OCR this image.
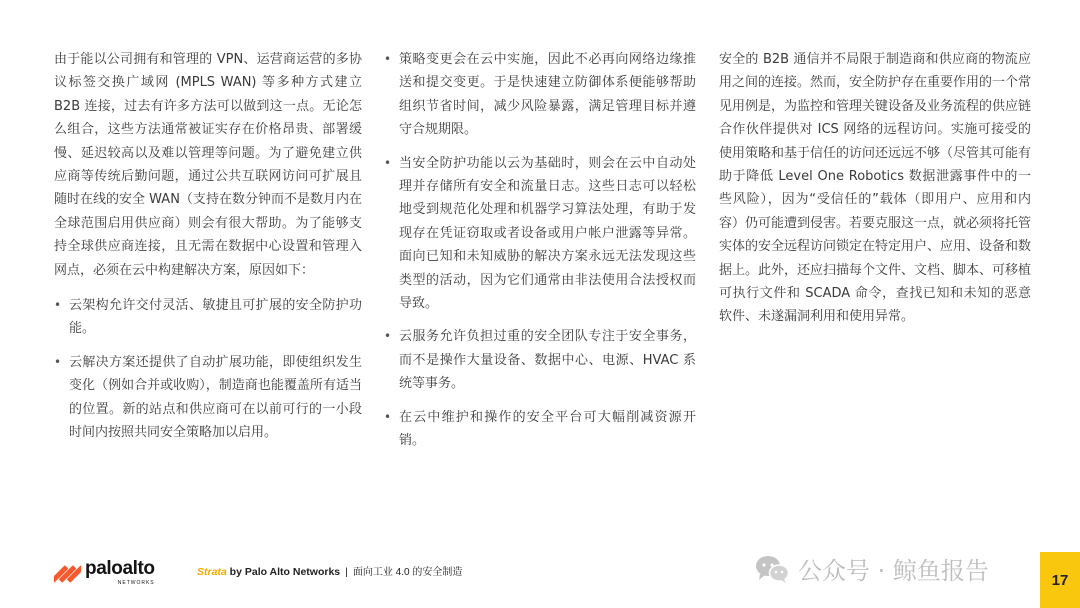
由于能以公司拥有和管理的 VPN、运营商运营的多协议标签交换广域网 (MPLS WAN) 等多种方式建立 B2B 连接，过去有许多方法可以做到这一点。无论怎么组合，这些方法通常被证实存在价格昂贵、部署缓慢、延迟较高以及难以管理等问题。为了避免建立供应商等传统后勤问题，通过公共互联网访问可扩展且随时在线的安全 WAN（支持在数分钟而不是数月内在全球范围启用供应商）则会有很大帮助。为了能够支持全球供应商连接，且无需在数据中心设置和管理入网点，必须在云中构建解决方案，原因如下：

• 云架构允许交付灵活、敏捷且可扩展的安全防护功能。
• 云解决方案还提供了自动扩展功能，即使组织发生变化（例如合并或收购），制造商也能覆盖所有适当的位置。新的站点和供应商可在以前可行的一小段时间内按照共同安全策略加以启用。
• 策略变更会在云中实施，因此不必再向网络边缘推送和提交变更。于是快速建立防御体系便能够帮助组织节省时间，减少风险暴露，满足管理目标并遵守合规期限。
• 当安全防护功能以云为基础时，则会在云中自动处理并存储所有安全和流量日志。这些日志可以轻松地受到规范化处理和机器学习算法处理，有助于发现存在凭证窃取或者设备或用户帐户泄露等异常。面向已知和未知威胁的解决方案永远无法发现这些类型的活动，因为它们通常由非法使用合法授权而导致。
• 云服务允许负担过重的安全团队专注于安全事务，而不是操作大量设备、数据中心、电源、HVAC 系统等事务。
• 在云中维护和操作的安全平台可大幅削减资源开销。

安全的 B2B 通信并不局限于制造商和供应商的物流应用之间的连接。然而，安全防护存在重要作用的一个常见用例是，为监控和管理关键设备及业务流程的供应链合作伙伴提供对 ICS 网络的远程访问。实施可接受的使用策略和基于信任的访问还远远不够（尽管其可能有助于降低 Level One Robotics 数据泄露事件中的一些风险），因为“受信任的”载体（即用户、应用和内容）仍可能遭到侵害。若要克服这一点，就必须将托管实体的安全远程访问锁定在特定用户、应用、设备和数据上。此外，还应扫描每个文件、文档、脚本、可移植可执行文件和 SCADA 命令，查找已知和未知的恶意软件、未遂漏洞利用和使用异常。

paloalto
NETWORKS
Strata by Palo Alto Networks | 面向工业 4.0 的安全制造	公众号 · 鲸鱼报告	17
